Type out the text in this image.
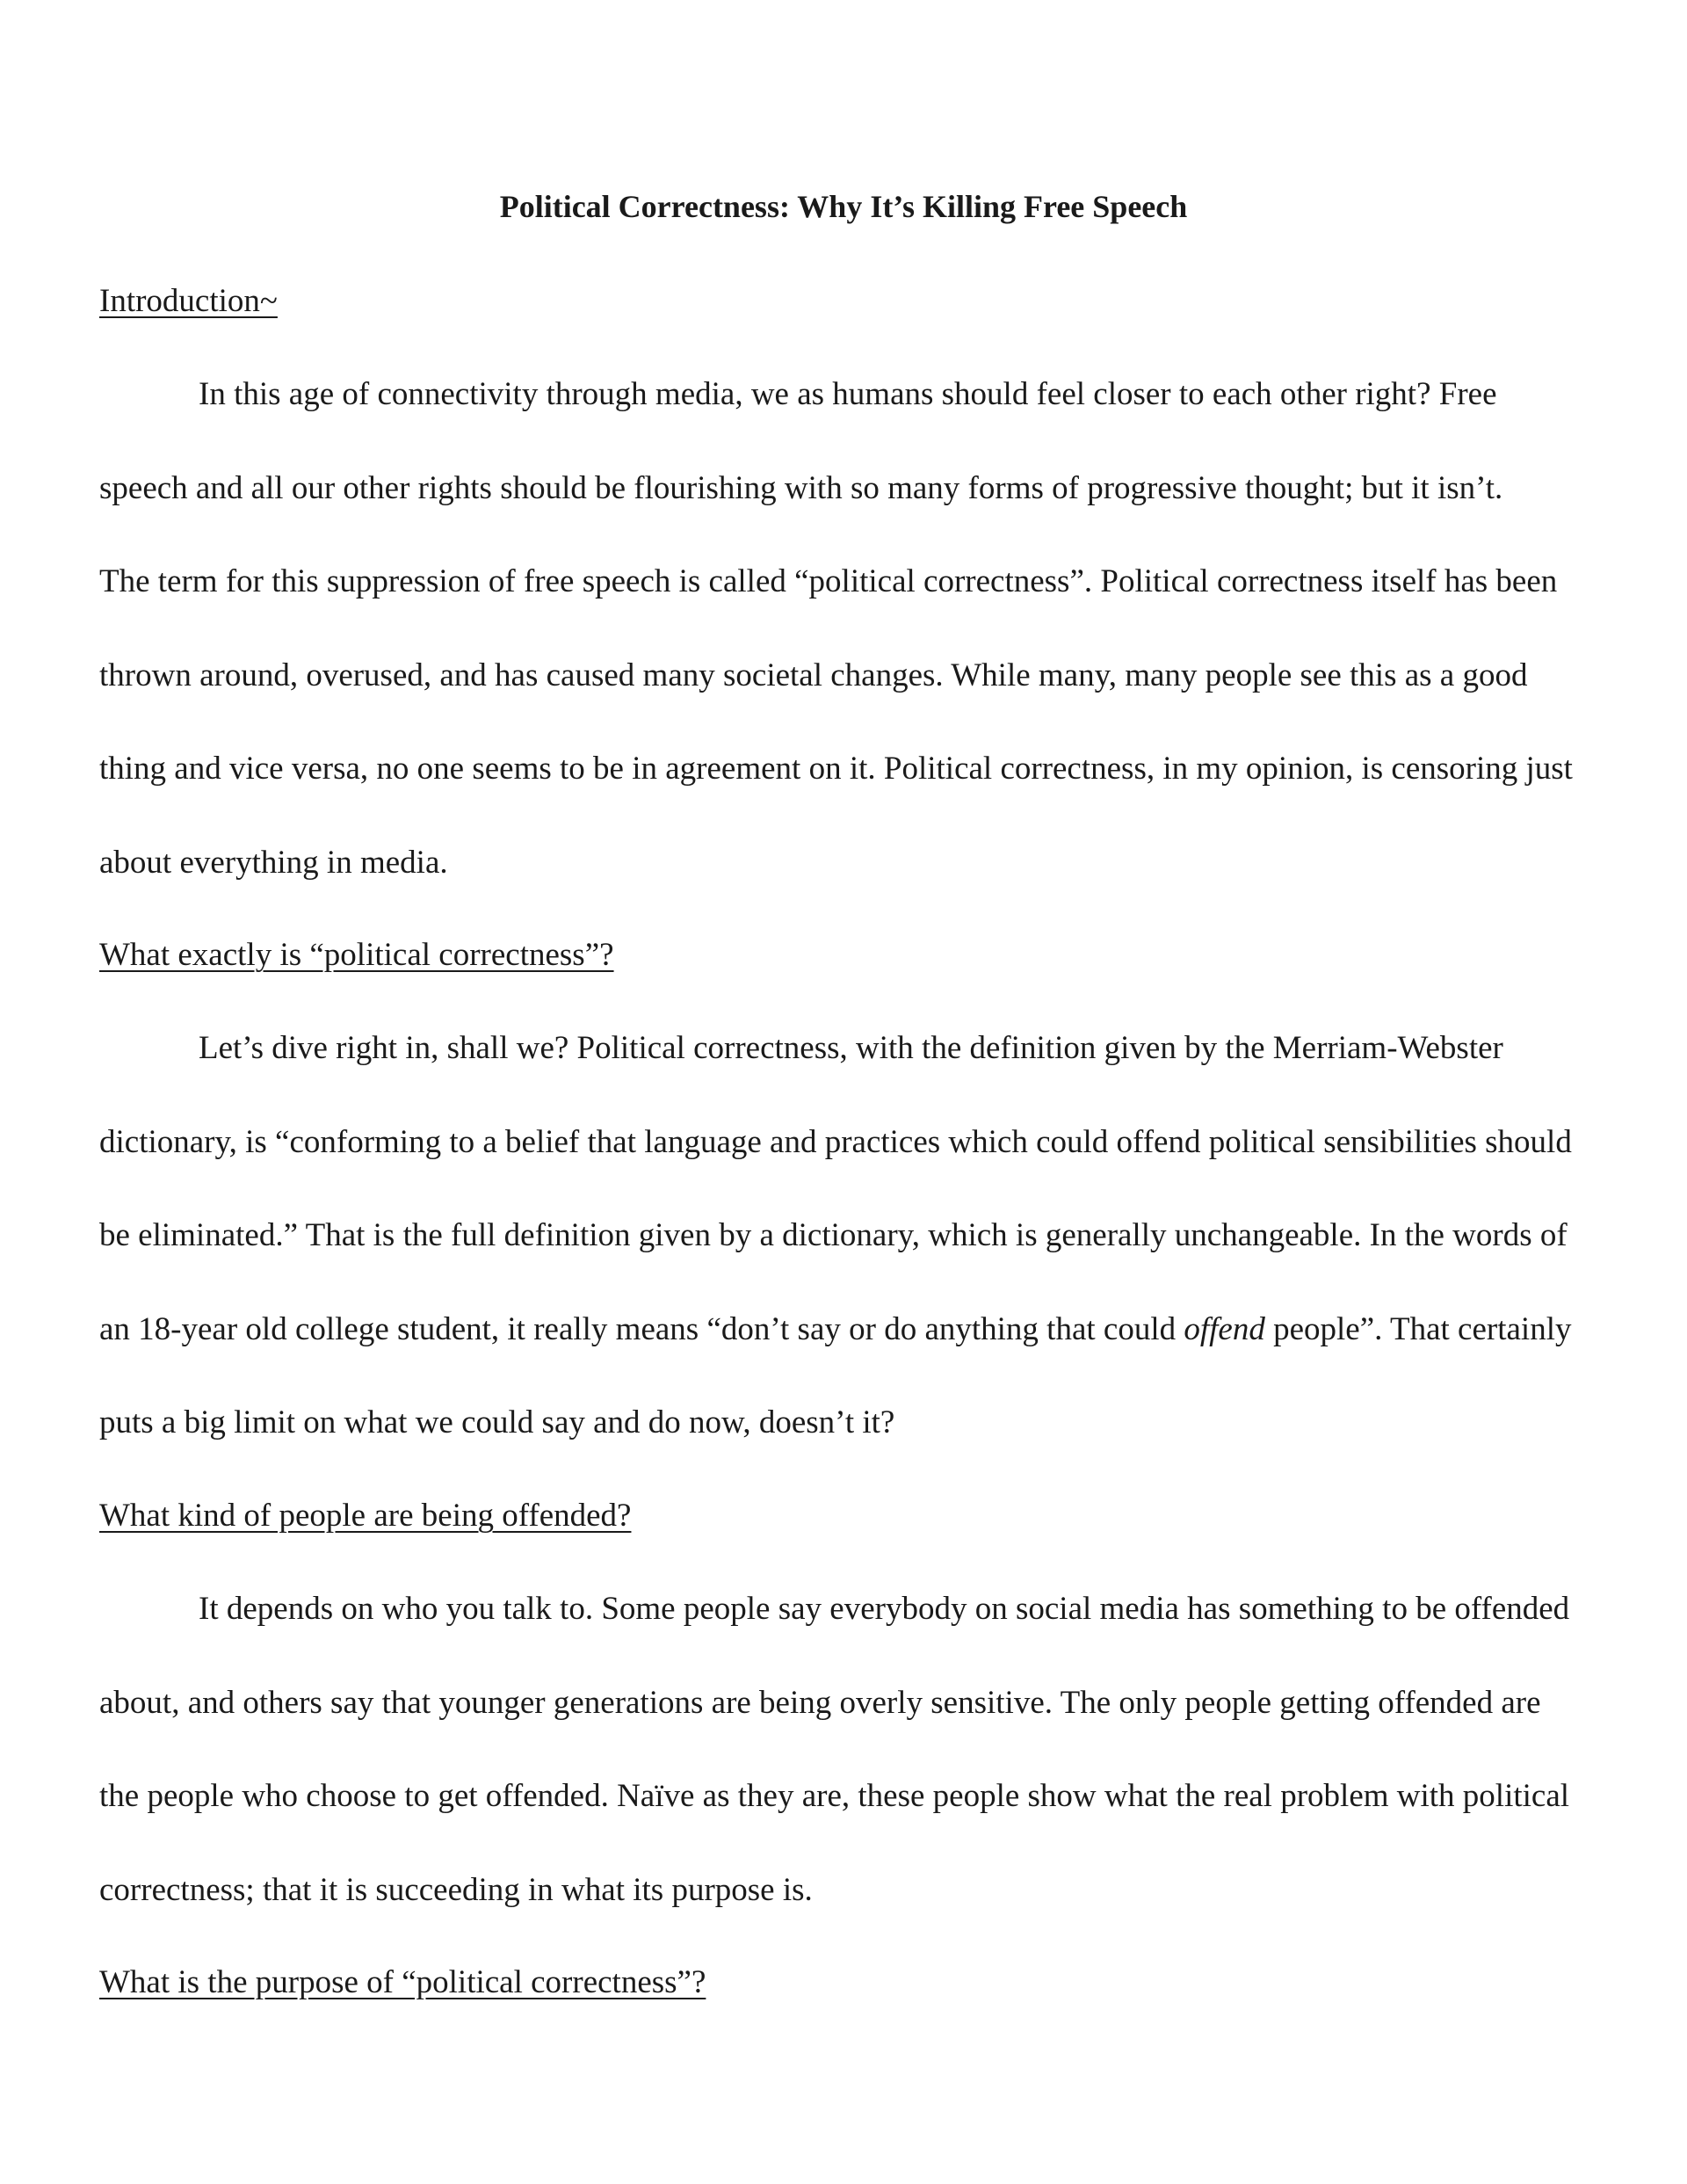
Political Correctness: Why It’s Killing Free Speech
Introduction~
In this age of connectivity through media, we as humans should feel closer to each other right? Free
speech and all our other rights should be flourishing with so many forms of progressive thought; but it isn’t.
The term for this suppression of free speech is called “political correctness”. Political correctness itself has been
thrown around, overused, and has caused many societal changes. While many, many people see this as a good
thing and vice versa, no one seems to be in agreement on it. Political correctness, in my opinion, is censoring just
about everything in media.
What exactly is “political correctness”?
Let’s dive right in, shall we? Political correctness, with the definition given by the Merriam-Webster
dictionary, is “conforming to a belief that language and practices which could offend political sensibilities should
be eliminated.” That is the full definition given by a dictionary, which is generally unchangeable. In the words of
an 18-year old college student, it really means “don’t say or do anything that could offend people”. That certainly
puts a big limit on what we could say and do now, doesn’t it?
What kind of people are being offended?
It depends on who you talk to. Some people say everybody on social media has something to be offended
about, and others say that younger generations are being overly sensitive. The only people getting offended are
the people who choose to get offended. Naïve as they are, these people show what the real problem with political
correctness; that it is succeeding in what its purpose is.
What is the purpose of “political correctness”?
